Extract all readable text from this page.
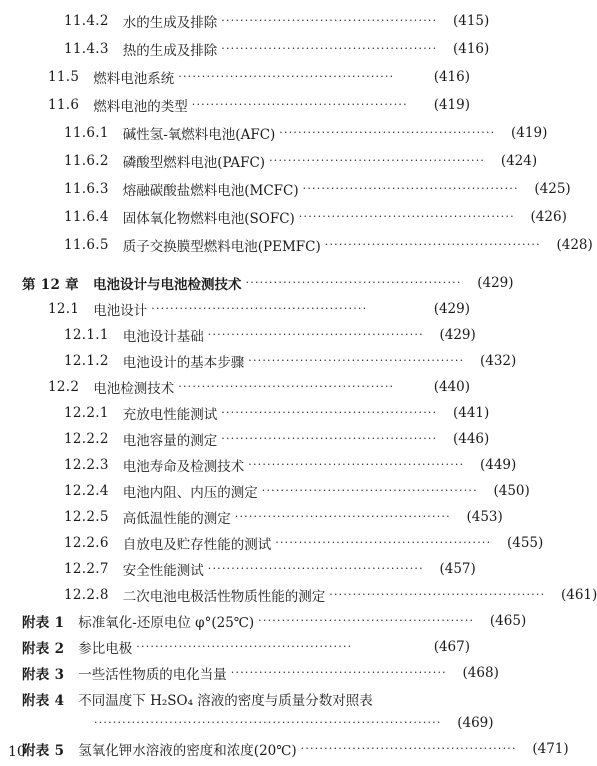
11.4.2 水的生成及排除 ··············································	(415)
11.4.3 热的生成及排除 ··············································	(416)
11.5 燃料电池系统 ··············································	(416)
11.6 燃料电池的类型 ··············································	(419)
11.6.1 碱性氢-氧燃料电池(AFC) ··············································	(419)
11.6.2 磷酸型燃料电池(PAFC) ··············································	(424)
11.6.3 熔融碳酸盐燃料电池(MCFC) ··············································	(425)
11.6.4 固体氧化物燃料电池(SOFC) ··············································	(426)
11.6.5 质子交换膜型燃料电池(PEMFC) ··············································	(428)
第 12 章 电池设计与电池检测技术 ··············································	(429)
12.1 电池设计 ··············································	(429)
12.1.1 电池设计基础 ··············································	(429)
12.1.2 电池设计的基本步骤 ··············································	(432)
12.2 电池检测技术 ··············································	(440)
12.2.1 充放电性能测试 ··············································	(441)
12.2.2 电池容量的测定 ··············································	(446)
12.2.3 电池寿命及检测技术 ··············································	(449)
12.2.4 电池内阻、内压的测定 ··············································	(450)
12.2.5 高低温性能的测定 ··············································	(453)
12.2.6 自放电及贮存性能的测试 ··············································	(455)
12.2.7 安全性能测试 ··············································	(457)
12.2.8 二次电池电极活性物质性能的测定 ··············································	(461)
附表 1 标准氧化-还原电位 φ°(25℃) ··············································	(465)
附表 2 参比电极 ··············································	(467)
附表 3 一些活性物质的电化当量 ··············································	(468)
附表 4 不同温度下 H₂SO₄ 溶液的密度与质量分数对照表
··········································································	(469)
附表 5 氢氧化钾水溶液的密度和浓度(20℃) ··············································	(471)
10
